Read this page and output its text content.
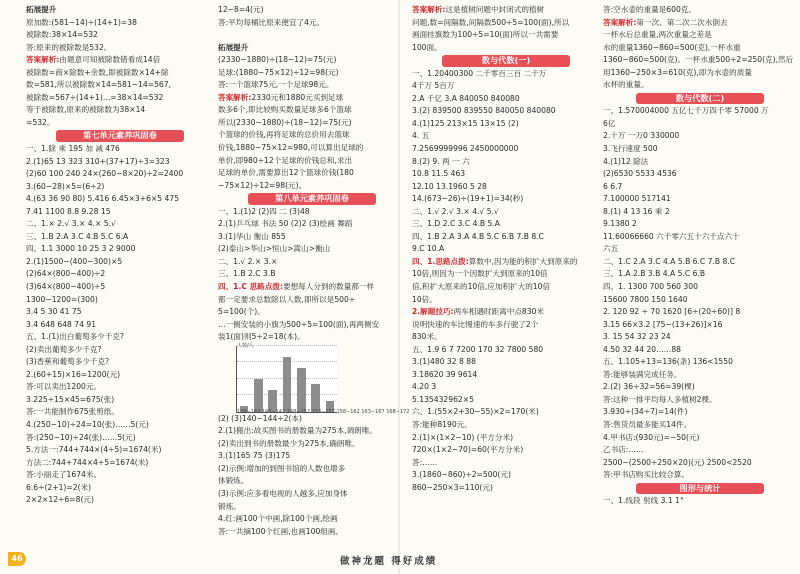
拓展提升
原加数:(581−14)÷(14+1)=38
被除数:38×14=532
答:原来的被除数是532。
答案解析:由题意可知被除数错看成14倍
被除数=商×除数+余数,即被除数×14+除
数=581,所以被除数×14=581−14=567,
被除数=567÷(14+1)…=38×14=532
等于被除数,原来的被除数为38×14
=532。
第七单元素养巩固卷
一、1.除 乘 195 加 减 476
2.(1)65 13 323 310+(37+17)÷3=323
(2)60 100 240 24×(260−8×20)÷2=2400
3.(60−28)×5=(6÷2)
4.(63 36 90 80) 5.416 6.45×3+6×5 475
7.41 1100 8.8 9.28 15
二、1.× 2.√ 3.× 4.× 5.√
三、1.B 2.A 3.C 4.B 5.C 6.A
四、1.1 3000 10 25 3 2 9000
2.(1)1500−(400−300)×5
(2)64×(800−400)÷2
(3)64×(800−400)÷5
1300−1200=(300)
3.4 5 30 41 75
3.4 648 648 74 91
五、1.(1)出白葡萄多少千克?
(2)卖出葡萄多少千克?
(3)香蕉和葡萄多少千克?
2.(60+15)×16=1200(元)
答:可以卖出1200元。
3.225÷15×45=675(张)
答:一共能制作675张剪纸。
4.(250−10)÷24=10(张)……5(元)
答:(250−10)÷24(张)……5(元)
5.方法一:744+744×(4÷5)=1674(米)
方法二:744+744×4÷5=1674(米)
答:小丽走了1674米。
6.6÷(2+1)=2(米)
2×2×12÷6=8(元)
12−8=4(元)
答:平均每桶比原来便宜了4元。

拓展提升
(2330−1880)÷(18−12)=75(元)
足球:(1880−75×12)÷12=98(元)
答:一个篮球75元,一个足球98元。
答案解析:2330元和1880元买到足球
数多6个,即比较购买数量足球多6个篮球
所以(2330−1880)÷(18−12)=75(元)
个篮球的价钱,再将足球的总价用去篮球
价钱,1880−75×12=980,可以算出足球的
单价,即980÷12个足球的价钱总和,求出
足球的单价,需要算出12个篮球价钱(180
−75×12)÷12=98(元)。
第八单元素养巩固卷
一、1.(1)2 (2)四 二 (3)48
2.(1)乒乓球 书法 50 (2)2 (3)绘画 舞蹈
3.(1)华山 衡山 855
(2)泰山>华山>恒山>嵩山>衡山
二、1.√ 2.× 3.×
三、1.B 2.C 3.B
四、1.C 思路点拨:要想每人分到的数量都一样
都一定要求总数除以人数,即所以是500÷
5=100(个)。
…一侧安装的小旗为500÷5=100(面),再两侧安
装1(面)则5÷2=18(本)。
人数/人
138−142 143−147 148−152 153−157 158−162 163−167 168−172
(2) (3)140−144÷2(本)
2.(1)搬出:故买图书的册数量为275本,调朗唯。
(2)卖出到书的册数最少为275本,确朗唯。
3.(1)165 75 (3)175
(2)示例:增加的到图书馆的人数也增多
体锻炼。
(3)示例:应多看电视的人越多,应加身体
锻炼。
4.红:画100个中画,除100个画,绘画
答:一共摘100个红画,也画100组画。
答案解析:这是植树问题中封闭式的植树
问题,数=间隔数,间隔数500÷5=100(面),所以
画面挂旗数为100÷5=10(面)所以一共需要
100面。
数与代数(一)
一、1.20400300 二千零百三百 二千万
4千万 5百万
2.A 千亿 3.A 840050 840080
3.(2) 839500 839550 840050 840080
4.(1)125 213×15 13×15 (2)
4. 五
7.2569999996 2450000000
8.(2) 9. 两 一 六
10.8 11.5 463
12.10 13.1960 5 28
14.(673−26)÷(19+1)=34(秒)
二、1.√ 2.√ 3.× 4.√ 5.√
三、1.D 2.C 3.C 4.B 5.A
四、1.B 2.A 3.A 4.B 5.C 6.B 7.B 8.C
9.C 10.A
四、1.思路点拨:算数中,因为能的积扩大到原来的
10倍,则因为一个因数扩大到原来的10倍
倍,积扩大原来的10倍,应加积扩大的10倍
10倍。
2.解题技巧:两车相遇时距离中点830米
说明快速的车比慢速的车多行驶了2个
830米。
五、1.9 6 7 7200 170 32 7800 580
3.(1)480 32 8 88
3.18620 39 9614
4.20 3
5.135432962×5
六、1.(55×2+30−55)×2=170(米)
答:能种8190元。
2.(1)×(1×2−10) (平方分米)
720×(1×2−70)=60(平方分米)
答:……
3.(1860−860)÷2=500(元)
860−250×3=110(元)
答:空水壶的重量是600克。
答案解析:第一次、第二次二次水倒去
一杯水后总重量,两次重量之差是
水的重量1360−860=500(克),一杯水重
1360−860=500(克)。一杯水重500÷2=250(克),然后
用1360−250×3=610(克),即为水壶的质量
水杯的重量。
数与代数(二)
一、1.570004000 五亿七千万四千零 57000 万
6亿
2.十万 一万0 330000
3.飞行速度 500
4.(1)12 除法
(2)6530 5533 4536
6 6.7
7.100000 517141
8.(1) 4 13 16 乘 2
9.1380 2
11.60066660 六千零六五十六千点六十
六五
二、1.C 2.A 3.C 4.A 5.B 6.C 7.B 8.C
三、1.A 2.B 3.B 4.A 5.C 6.B
四、1. 1300 700 560 300
15600 7800 150 1640
2. 120 92 ÷ 70 1620 [6÷(20÷60)] 8
3.15 66×3.2 [75−(13+26)]×16
3. 15 54 32 23 24
4.50 32 44 20……88
五、1.105+13=136(条) 136<1550
答:能够装满完成任务。
2.(2) 36÷32=56=39(棵)
答:这种一排平均每人多植树2棵。
3.930÷(34÷7)=14(件)
答:售货员最多能买14件。
4.甲书店:(930元)=−50(元)
乙书店:……
2500−(2500÷250×20)(元) 2500<2520
答:甲书店购买比较合算。
图形与统计
一、1.线段 射线 3.1 1°
46	做神龙题 得好成绩
